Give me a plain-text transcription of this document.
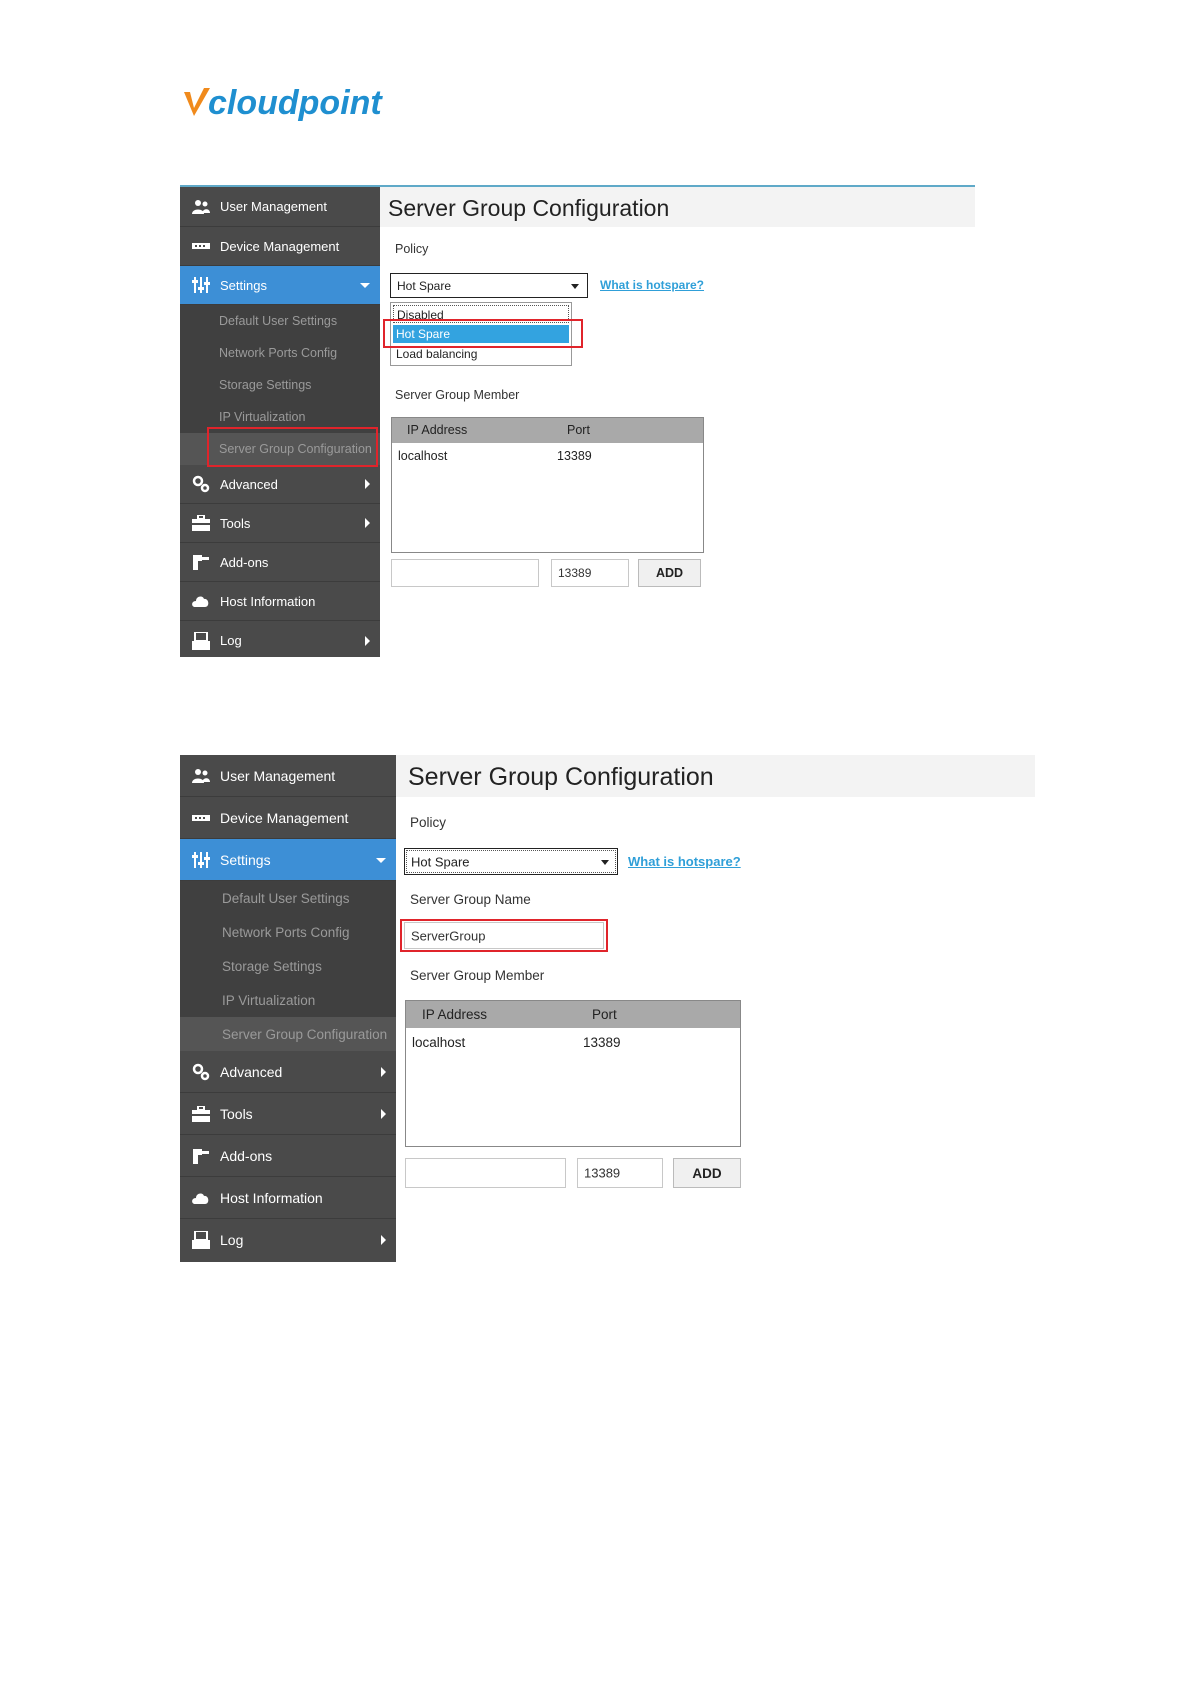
cloudpoint
User Management
Device Management
Settings
Default User Settings
Network Ports Config
Storage Settings
IP Virtualization
Server Group Configuration
Advanced
Tools
Add-ons
Host Information
Log
Server Group Configuration
Policy
Hot Spare	What is hotspare?
Disabled
Hot Spare
Load balancing
Server Group Member
IP Address	Port
localhost	13389
13389	ADD
User Management
Device Management
Settings
Default User Settings
Network Ports Config
Storage Settings
IP Virtualization
Server Group Configuration
Advanced
Tools
Add-ons
Host Information
Log
Server Group Configuration
Policy
Hot Spare	What is hotspare?
Server Group Name
ServerGroup
Server Group Member
IP Address	Port
localhost	13389
13389	ADD
